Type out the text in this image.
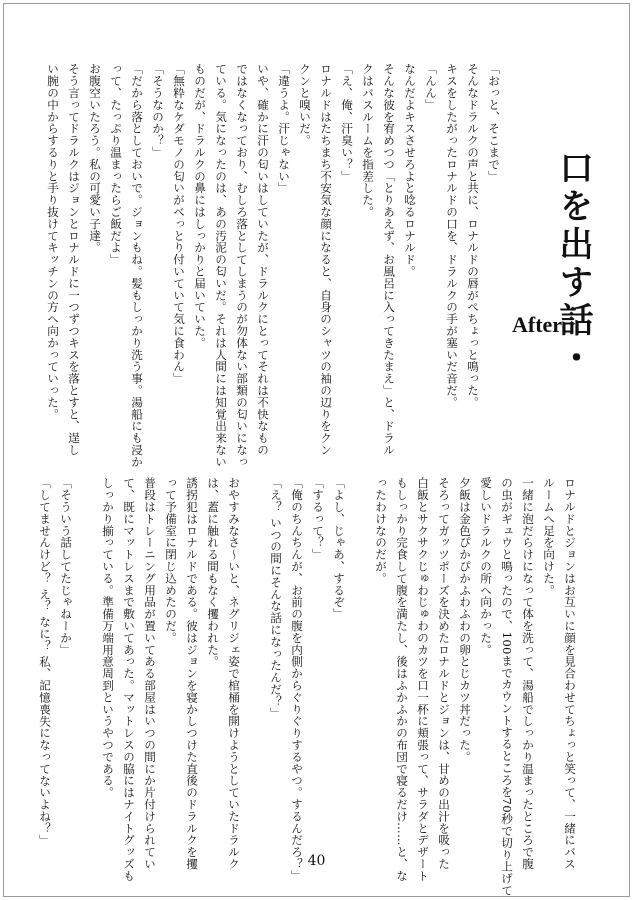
口を出す話・
After

「おっと、そこまで」

そんなドラルクの声と共に、ロナルドの唇がぺちょっと鳴った。

キスをしたがったロナルドの口を、ドラルクの手が塞いだ音だ。

「んん」

なんだよキスさせろよと唸るロナルド。

そんな彼を宥めつつ「とりあえず、お風呂に入ってきたまえ」と、ドラル

クはバスルームを指差した。

「え、俺、汗臭い？」

ロナルドはたちまち不安気な顔になると、自身のシャツの袖の辺りをクン

クンと嗅いだ。

「違うよ。汗じゃない」

いや、確かに汗の匂いはしていたが、ドラルクにとってそれは不快なもの

ではなくなっており、むしろ落としてしまうのが勿体ない部類の匂いになっ

ている。気になったのは、あの汚泥の匂いだ。それは人間には知覚出来ない

ものだが、ドラルクの鼻にはしっかりと届いていた。

「無粋なケダモノの匂いがべっとり付いていて気に食わん」

「そうなのか？」

「だから落としておいで。ジョンもね。髪もしっかり洗う事。湯船にも浸か

って、たっぷり温まったらご飯だよ」

お腹空いたろう。私の可愛い子達。

そう言ってドラルクはジョンとロナルドに一つずつキスを落とすと、逞し

い腕の中からするりと手り抜けてキッチンの方へ向かっていった。

ロナルドとジョンはお互いに顔を見合わせてちょっと笑って、一緒にバス

ルームへ足を向けた。

一緒に泡だらけになって体を洗って、湯船でしっかり温まったところで腹

の虫がギュウと鳴ったので、100までカウントするところを70秒で切り上げて

愛しいドラルクの所へ向かった。

夕飯は金色ぴかぴかふわふわの卵とじカツ丼だった。

そろってガッツポーズを決めたロナルドとジョンは、甘めの出汁を吸った

白飯とサクサクじゅわじゅわのカツを口一杯に頬張って、サラダとデザート

もしっかり完食して腹を満たし、後はふかふかの布団で寝るだけ……と、な

ったわけなのだが。

「よし、じゃあ、するぞ」

「するって？」

「俺のちんちんが、お前の腹を内側からぐりぐりするやつ。するんだろ？」

「え？ いつの間にそんな話になったんだ？」

おやすみなさ～いと、ネグリジェ姿で棺桶を開けようとしていたドラルク

は、蓋に触れる間もなく攫われた。

誘拐犯はロナルドである。彼はジョンを寝かしつけた直後のドラルクを攫

って予備室に閉じ込めたのだ。

普段はトレーニング用品が置いてある部屋はいつの間にか片付けられてい

て、既にマットレスまで敷いてあった。マットレスの脇にはナイトグッズも

しっかり揃っている。準備万端用意周到というやつである。

「そういう話してたじゃねーか」

「してませんけど？ え？ なに？ 私、記憶喪失になってないよね？」

40
